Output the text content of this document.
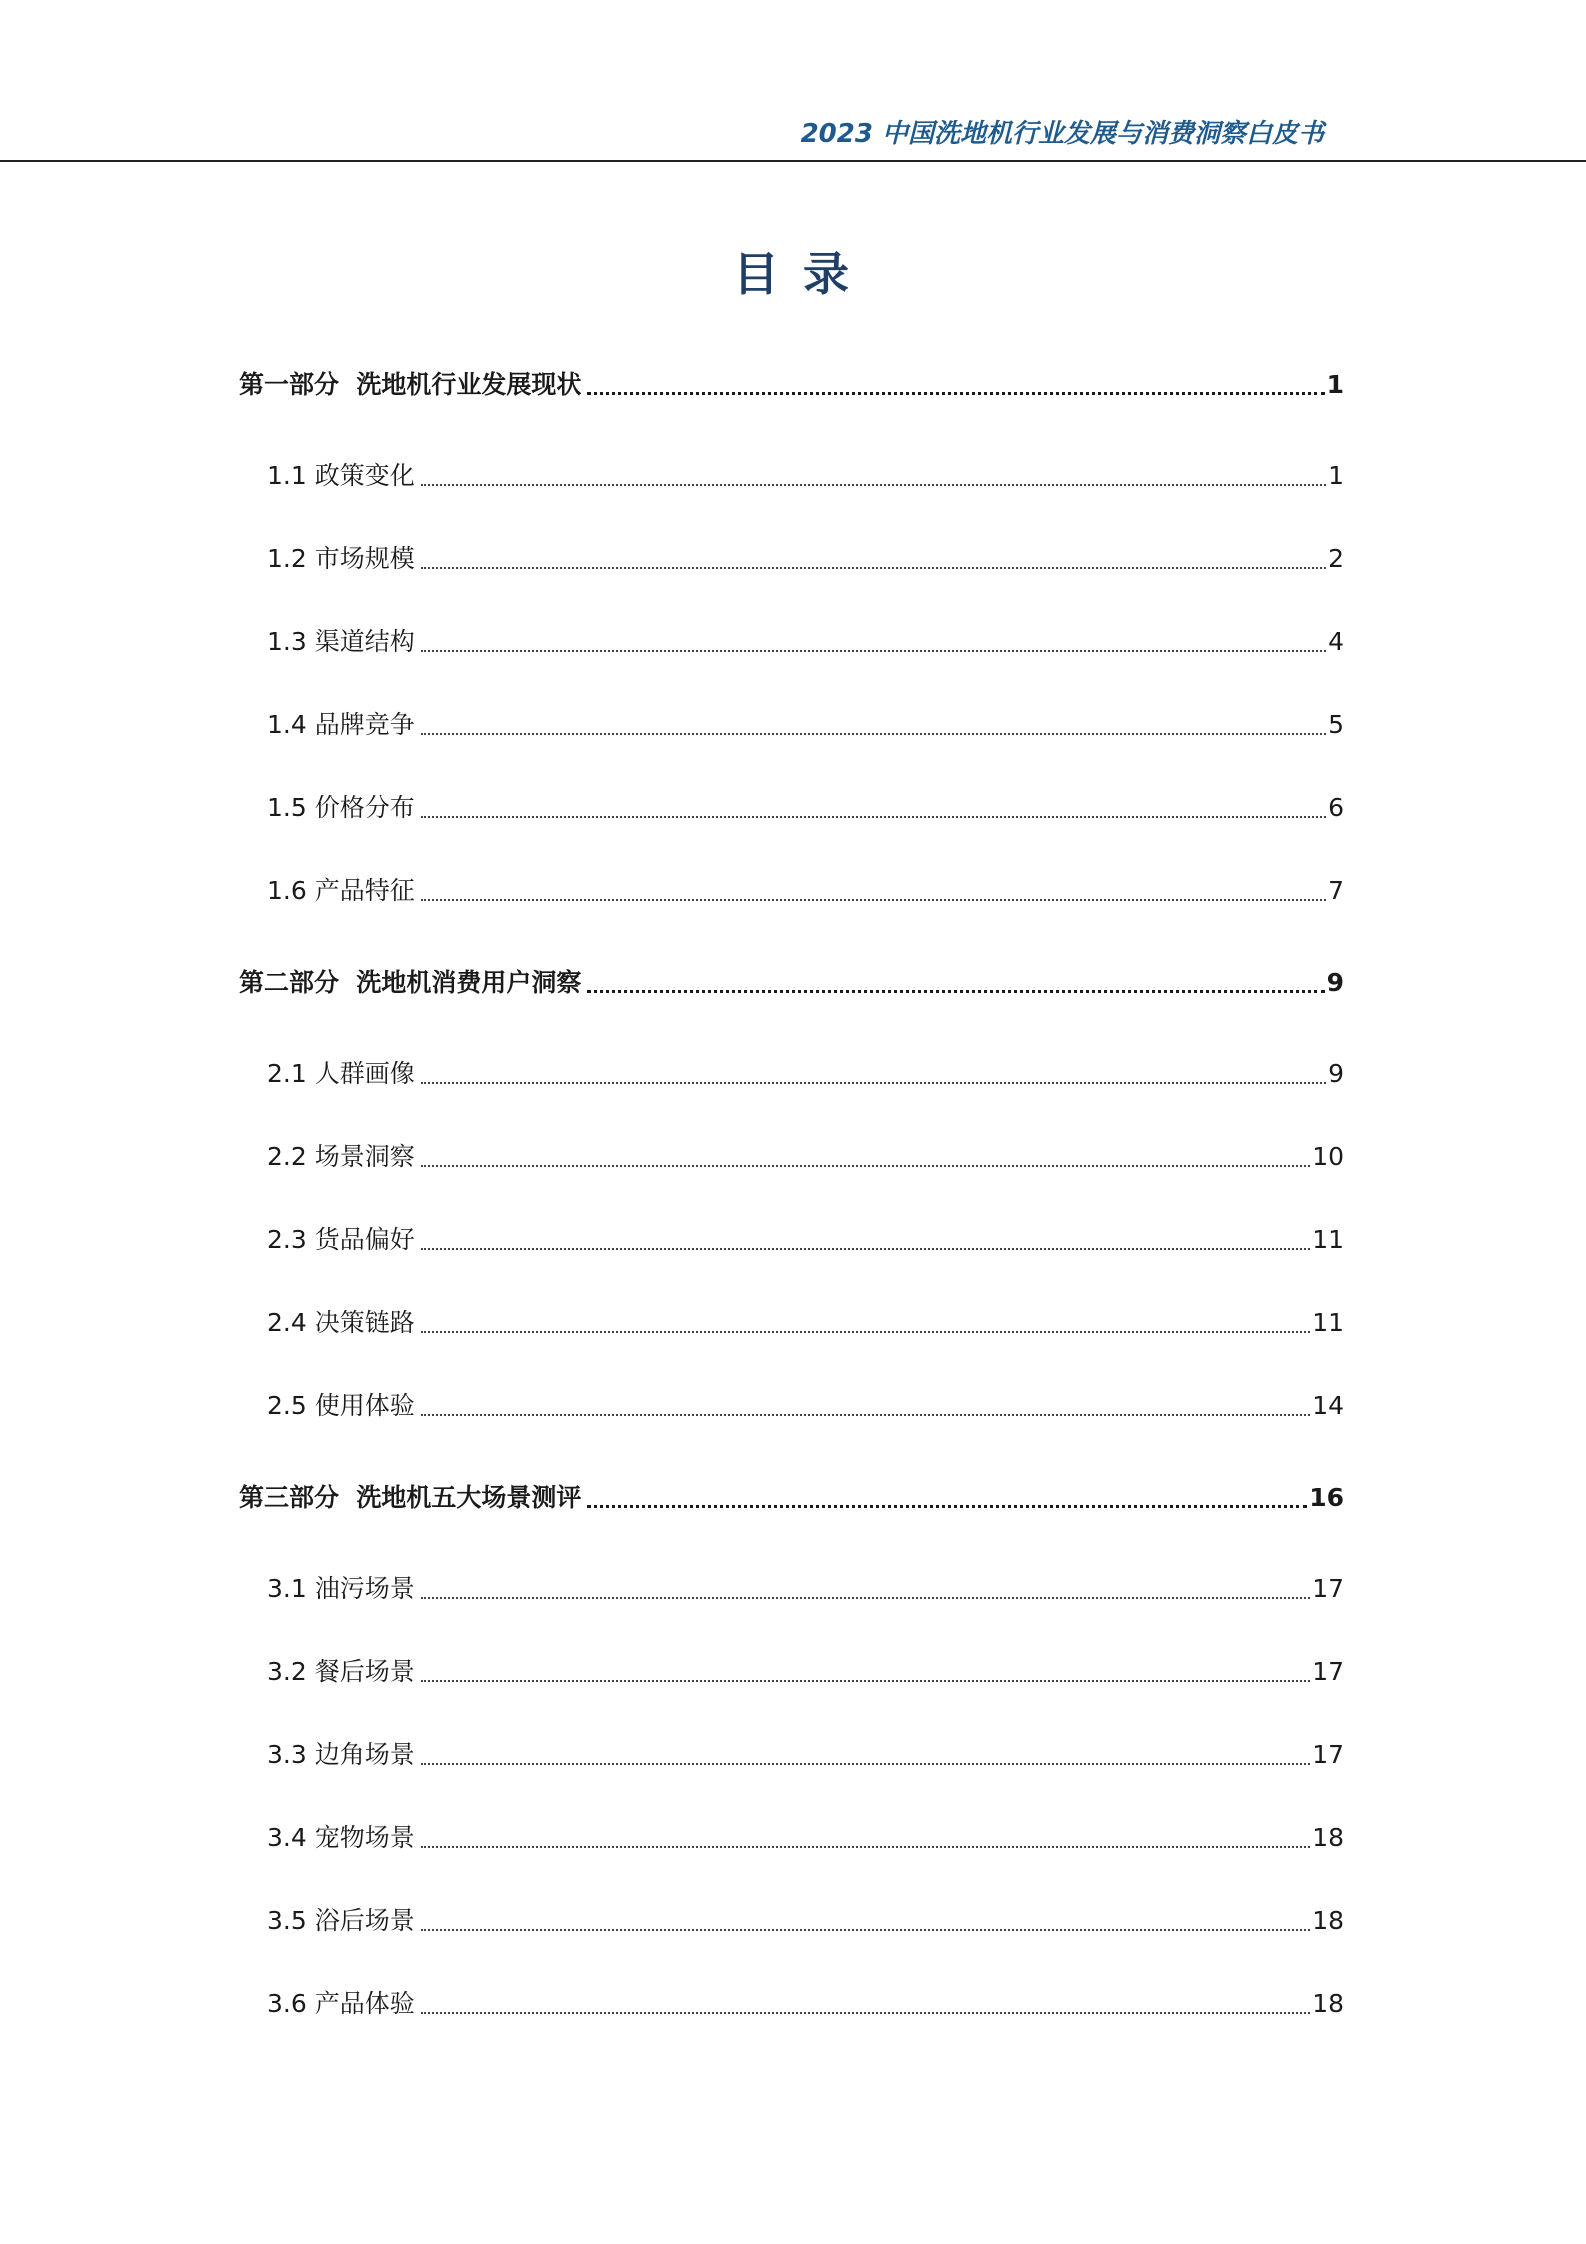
2023 中国洗地机行业发展与消费洞察白皮书
目 录
第一部分  洗地机行业发展现状	1
1.1 政策变化	1
1.2 市场规模	2
1.3 渠道结构	4
1.4 品牌竞争	5
1.5 价格分布	6
1.6 产品特征	7
第二部分  洗地机消费用户洞察	9
2.1 人群画像	9
2.2 场景洞察	10
2.3 货品偏好	11
2.4 决策链路	11
2.5 使用体验	14
第三部分  洗地机五大场景测评	16
3.1 油污场景	17
3.2 餐后场景	17
3.3 边角场景	17
3.4 宠物场景	18
3.5 浴后场景	18
3.6 产品体验	18
